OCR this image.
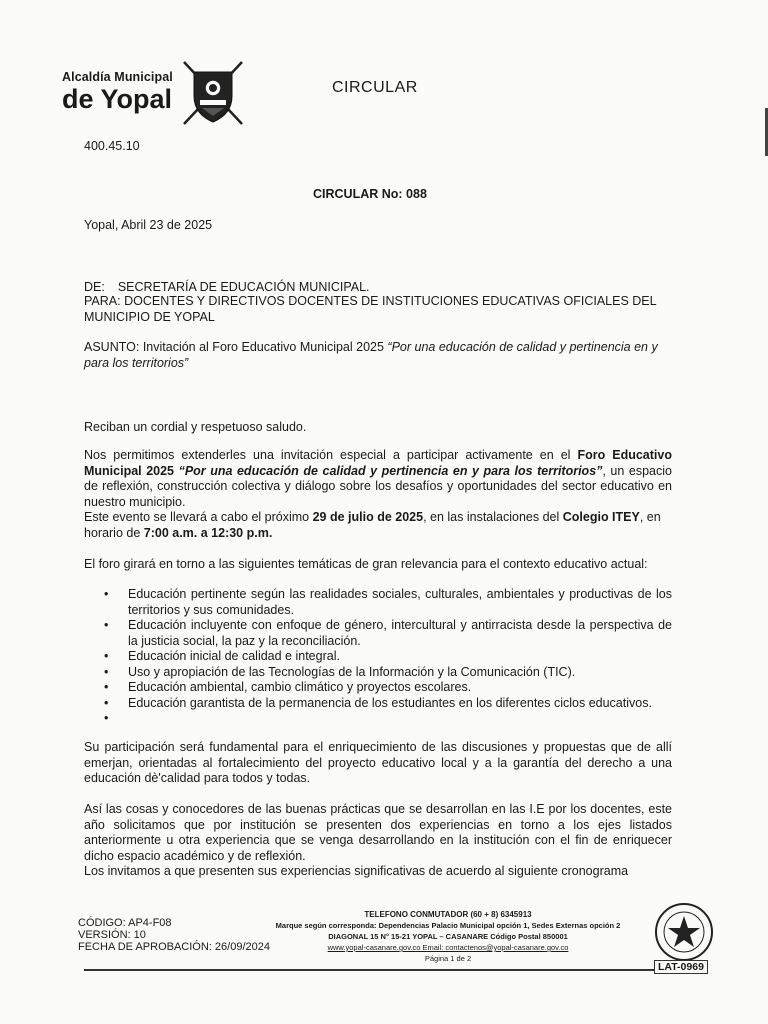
Alcaldía Municipal
de Yopal	CIRCULAR
400.45.10
CIRCULAR No: 088
Yopal, Abril 23 de 2025
DE: SECRETARÍA DE EDUCACIÓN MUNICIPAL.
PARA: DOCENTES Y DIRECTIVOS DOCENTES DE INSTITUCIONES EDUCATIVAS OFICIALES DEL MUNICIPIO DE YOPAL
ASUNTO: Invitación al Foro Educativo Municipal 2025 “Por una educación de calidad y pertinencia en y para los territorios”
Reciban un cordial y respetuoso saludo.
Nos permitimos extenderles una invitación especial a participar activamente en el Foro Educativo Municipal 2025 “Por una educación de calidad y pertinencia en y para los territorios”, un espacio de reflexión, construcción colectiva y diálogo sobre los desafíos y oportunidades del sector educativo en nuestro municipio.
Este evento se llevará a cabo el próximo 29 de julio de 2025, en las instalaciones del Colegio ITEY, en horario de 7:00 a.m. a 12:30 p.m.
El foro girará en torno a las siguientes temáticas de gran relevancia para el contexto educativo actual:
• Educación pertinente según las realidades sociales, culturales, ambientales y productivas de los territorios y sus comunidades.
• Educación incluyente con enfoque de género, intercultural y antirracista desde la perspectiva de la justicia social, la paz y la reconciliación.
• Educación inicial de calidad e integral.
• Uso y apropiación de las Tecnologías de la Información y la Comunicación (TIC).
• Educación ambiental, cambio climático y proyectos escolares.
• Educación garantista de la permanencia de los estudiantes en los diferentes ciclos educativos.
•
Su participación será fundamental para el enriquecimiento de las discusiones y propuestas que de allí emerjan, orientadas al fortalecimiento del proyecto educativo local y a la garantía del derecho a una educación dè'calidad para todos y todas.
Así las cosas y conocedores de las buenas prácticas que se desarrollan en las I.E por los docentes, este año solicitamos que por institución se presenten dos experiencias en torno a los ejes listados anteriormente u otra experiencia que se venga desarrollando en la institución con el fin de enriquecer dicho espacio académico y de reflexión.
Los invitamos a que presenten sus experiencias significativas de acuerdo al siguiente cronograma
CÓDIGO: AP4-F08
VERSIÓN: 10
FECHA DE APROBACIÓN: 26/09/2024
TELEFONO CONMUTADOR (60 + 8) 6345913
Marque según corresponda: Dependencias Palacio Municipal opción 1, Sedes Externas opción 2
DIAGONAL 15 N° 15-21 YOPAL – CASANARE Código Postal 850001
www.yopal-casanare.gov.co Email: contactenos@yopal-casanare.gov.co
Página 1 de 2
LAT-0969
